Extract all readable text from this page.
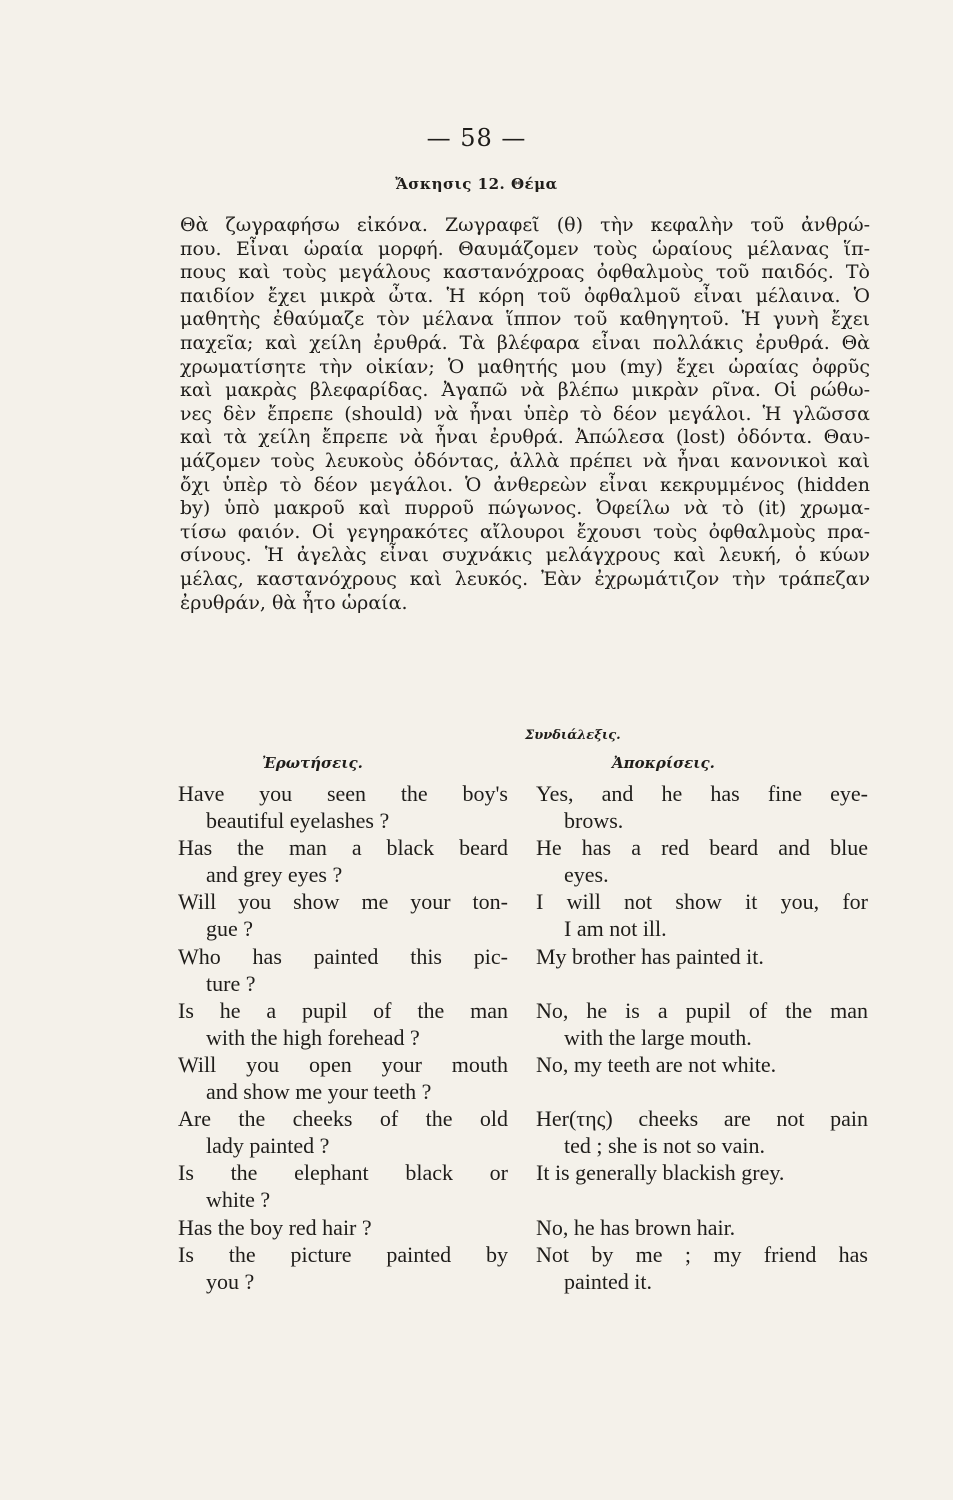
— 58 —
Ἄσκησις 12. Θέμα
Θὰ ζωγραφήσω εἰκόνα. Ζωγραφεῖ (θ) τὴν κεφαλὴν τοῦ ἀνθρώ-
που. Εἶναι ὡραία μορφή. Θαυμάζομεν τοὺς ὡραίους μέλανας ἵπ-
πους καὶ τοὺς μεγάλους καστανόχροας ὀφθαλμοὺς τοῦ παιδός. Τὸ
παιδίον ἔχει μικρὰ ὦτα. Ἡ κόρη τοῦ ὀφθαλμοῦ εἶναι μέλαινα. Ὁ
μαθητὴς ἐθαύμαζε τὸν μέλανα ἵππον τοῦ καθηγητοῦ. Ἡ γυνὴ ἔχει
παχεῖα; καὶ χείλη ἐρυθρά. Τὰ βλέφαρα εἶναι πολλάκις ἐρυθρά. Θὰ
χρωματίσητε τὴν οἰκίαν; Ὁ μαθητής μου (my) ἔχει ὡραίας ὀφρῦς
καὶ μακρὰς βλεφαρίδας. Ἀγαπῶ νὰ βλέπω μικρὰν ρῖνα. Οἱ ρώθω-
νες δὲν ἔπρεπε (should) νὰ ἦναι ὑπὲρ τὸ δέον μεγάλοι. Ἡ γλῶσσα
καὶ τὰ χείλη ἔπρεπε νὰ ἦναι ἐρυθρά. Ἀπώλεσα (lost) ὀδόντα. Θαυ-
μάζομεν τοὺς λευκοὺς ὀδόντας, ἀλλὰ πρέπει νὰ ἦναι κανονικοὶ καὶ
ὄχι ὑπὲρ τὸ δέον μεγάλοι. Ὁ ἀνθερεὼν εἶναι κεκρυμμένος (hidden
by) ὑπὸ μακροῦ καὶ πυρροῦ πώγωνος. Ὀφείλω νὰ τὸ (it) χρωμα-
τίσω φαιόν. Οἱ γεγηρακότες αἴλουροι ἔχουσι τοὺς ὀφθαλμοὺς πρα-
σίνους. Ἡ ἀγελὰς εἶναι συχνάκις μελάγχρους καὶ λευκή, ὁ κύων
μέλας, καστανόχρους καὶ λευκός. Ἐὰν ἐχρωμάτιζον τὴν τράπεζαν
ἐρυθράν, θὰ ἦτο ὡραία.
Συνδιάλεξις.
Ἐρωτήσεις.	Ἀποκρίσεις.
Have you seen the boy's
beautiful eyelashes ?
Yes, and he has fine eye-
brows.
Has the man a black beard
and grey eyes ?
He has a red beard and blue
eyes.
Will you show me your ton-
gue ?
I will not show it you, for
I am not ill.
Who has painted this pic-
ture ?
My brother has painted it.
Is he a pupil of the man
with the high forehead ?
No, he is a pupil of the man
with the large mouth.
Will you open your mouth
and show me your teeth ?
No, my teeth are not white.
Are the cheeks of the old
lady painted ?
Her(της) cheeks are not pain
ted ; she is not so vain.
Is the elephant black or
white ?
It is generally blackish grey.
Has the boy red hair ?	No, he has brown hair.
Is the picture painted by
you ?
Not by me ; my friend has
painted it.
